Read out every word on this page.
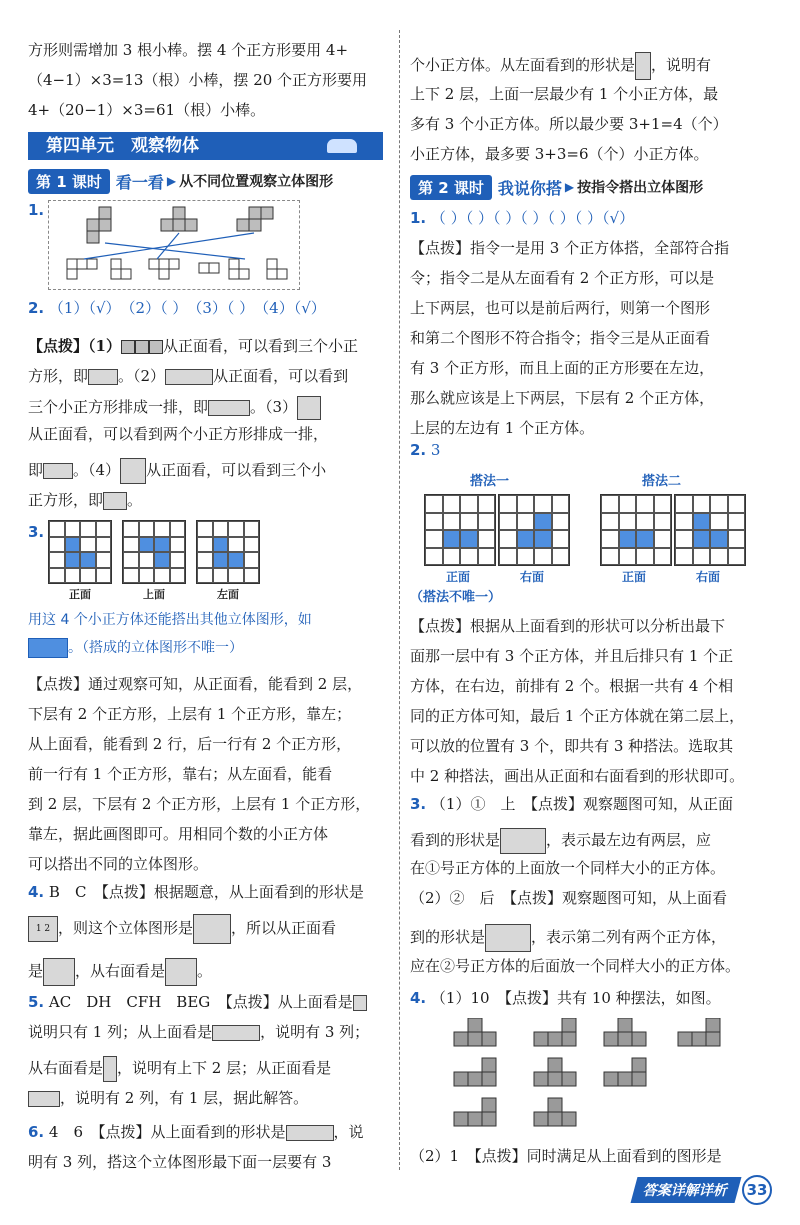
方形则需增加 3 根小棒。摆 4 个正方形要用 4+
（4−1）×3=13（根）小棒，摆 20 个正方形要用
4+（20−1）×3=61（根）小棒。
第四单元　观察物体
第 1 课时 看一看 ▶ 从不同位置观察立体图形
1.
2. （1）（√）　（2）（ ）　（3）（ ）　（4）（√）
【点拨】（1）	从正面看，可以看到三个小正
方形，即 。（2）	从正面看，可以看到
三个小正方形排成一排，即	。（3）
从正面看，可以看到两个小正方形排成一排，
即 。（4） 从正面看，可以看到三个小
正方形，即 。
3.
正面	上面	左面
用这 4 个小正方体还能搭出其他立体图形，如
。（搭成的立体图形不唯一）
【点拨】通过观察可知，从正面看，能看到 2 层，
下层有 2 个正方形，上层有 1 个正方形，靠左；
从上面看，能看到 2 行，后一行有 2 个正方形，
前一行有 1 个正方形，靠右；从左面看，能看
到 2 层，下层有 2 个正方形，上层有 1 个正方形，
靠左，据此画图即可。用相同个数的小正方体
可以搭出不同的立体图形。
4. B　C　【点拨】根据题意，从上面看到的形状是
1 2 ，则这个立体图形是	，所以从正面看
是 ，从右面看是 。
5. AC　DH　CFH　BEG　【点拨】从上面看是
说明只有 1 列；从上面看是	，说明有 3 列；
从右面看是 ，说明有上下 2 层；从正面看是
，说明有 2 列，有 1 层，据此解答。
6. 4　6　【点拨】从上面看到的形状是	，说
明有 3 列，搭这个立体图形最下面一层要有 3
个小正方体。从左面看到的形状是 ，说明有
上下 2 层，上面一层最少有 1 个小正方体，最
多有 3 个小正方体。所以最少要 3+1=4（个）
小正方体，最多要 3+3=6（个）小正方体。
第 2 课时 我说你搭 ▶ 按指令搭出立体图形
1. （ ）（ ）（ ）（ ）（ ）（ ）（√）
【点拨】指令一是用 3 个正方体搭，全部符合指
令；指令二是从左面看有 2 个正方形，可以是
上下两层，也可以是前后两行，则第一个图形
和第二个图形不符合指令；指令三是从正面看
有 3 个正方形，而且上面的正方形要在左边，
那么就应该是上下两层，下层有 2 个正方体，
上层的左边有 1 个正方体。
2. 3
搭法一	搭法二
正面	右面	正面	右面
（搭法不唯一）
【点拨】根据从上面看到的形状可以分析出最下
面那一层中有 3 个正方体，并且后排只有 1 个正
方体，在右边，前排有 2 个。根据一共有 4 个相
同的正方体可知，最后 1 个正方体就在第二层上，
可以放的位置有 3 个，即共有 3 种搭法。选取其
中 2 种搭法，画出从正面和右面看到的形状即可。
3. （1）①　上　【点拨】观察题图可知，从正面
看到的形状是	，表示最左边有两层，应
在①号正方体的上面放一个同样大小的正方体。
（2）②　后　【点拨】观察题图可知，从上面看
到的形状是	，表示第二列有两个正方体，
应在②号正方体的后面放一个同样大小的正方体。
4. （1）10　【点拨】共有 10 种摆法，如图。
（2）1　【点拨】同时满足从上面看到的图形是
答案详解详析	33
